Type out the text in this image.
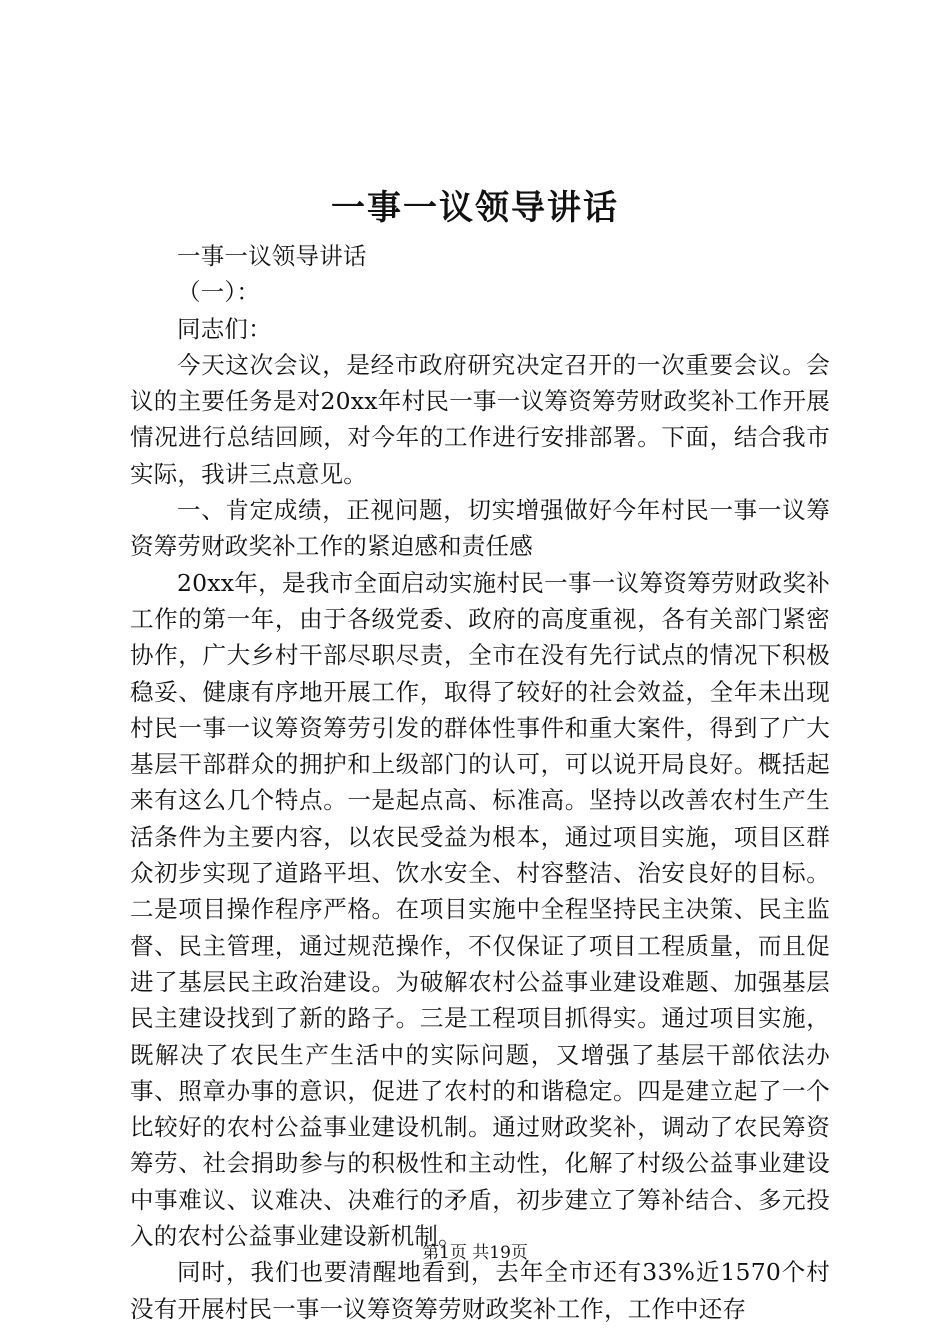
一事一议领导讲话

一事一议领导讲话

（一）：

同志们：

今天这次会议，是经市政府研究决定召开的一次重要会议。会议的主要任务是对20xx年村民一事一议筹资筹劳财政奖补工作开展情况进行总结回顾，对今年的工作进行安排部署。下面，结合我市实际，我讲三点意见。

一、肯定成绩，正视问题，切实增强做好今年村民一事一议筹资筹劳财政奖补工作的紧迫感和责任感

20xx年，是我市全面启动实施村民一事一议筹资筹劳财政奖补工作的第一年，由于各级党委、政府的高度重视，各有关部门紧密协作，广大乡村干部尽职尽责，全市在没有先行试点的情况下积极稳妥、健康有序地开展工作，取得了较好的社会效益，全年未出现村民一事一议筹资筹劳引发的群体性事件和重大案件，得到了广大基层干部群众的拥护和上级部门的认可，可以说开局良好。概括起来有这么几个特点。一是起点高、标准高。坚持以改善农村生产生活条件为主要内容，以农民受益为根本，通过项目实施，项目区群众初步实现了道路平坦、饮水安全、村容整洁、治安良好的目标。二是项目操作程序严格。在项目实施中全程坚持民主决策、民主监督、民主管理，通过规范操作，不仅保证了项目工程质量，而且促进了基层民主政治建设。为破解农村公益事业建设难题、加强基层民主建设找到了新的路子。三是工程项目抓得实。通过项目实施，既解决了农民生产生活中的实际问题，又增强了基层干部依法办事、照章办事的意识，促进了农村的和谐稳定。四是建立起了一个比较好的农村公益事业建设机制。通过财政奖补，调动了农民筹资筹劳、社会捐助参与的积极性和主动性，化解了村级公益事业建设中事难议、议难决、决难行的矛盾，初步建立了筹补结合、多元投入的农村公益事业建设新机制。

同时，我们也要清醒地看到，去年全市还有33%近1570个村没有开展村民一事一议筹资筹劳财政奖补工作，工作中还存

第1页 共19页
